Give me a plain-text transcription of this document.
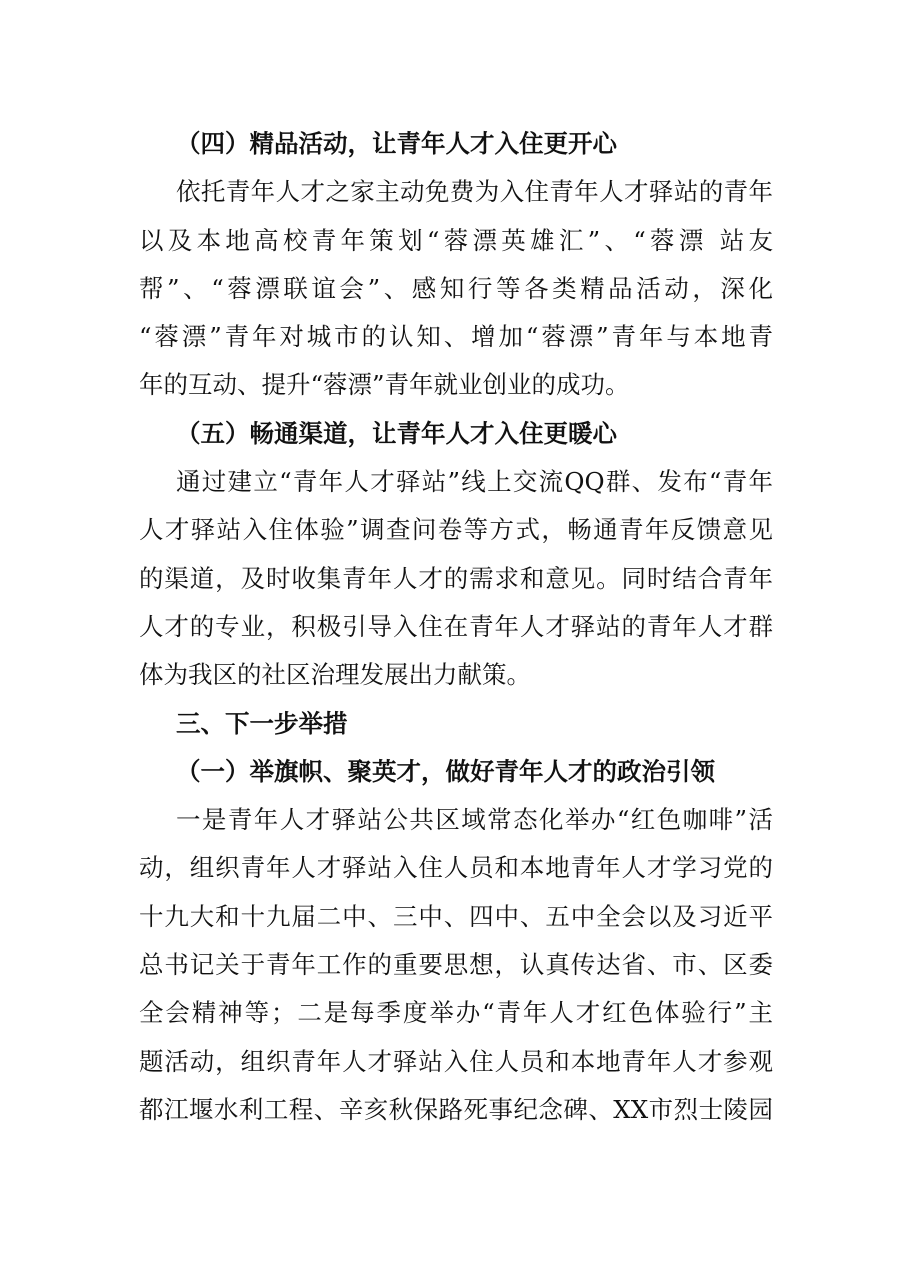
（四）精品活动，让青年人才入住更开心
依托青年人才之家主动免费为入住青年人才驿站的青年
以及本地高校青年策划“蓉漂英雄汇”、“蓉漂 站友
帮”、“蓉漂联谊会”、感知行等各类精品活动，深化
“蓉漂”青年对城市的认知、增加“蓉漂”青年与本地青
年的互动、提升“蓉漂”青年就业创业的成功。
（五）畅通渠道，让青年人才入住更暖心
通过建立“青年人才驿站”线上交流QQ群、发布“青年
人才驿站入住体验”调查问卷等方式，畅通青年反馈意见
的渠道，及时收集青年人才的需求和意见。同时结合青年
人才的专业，积极引导入住在青年人才驿站的青年人才群
体为我区的社区治理发展出力献策。
三、下一步举措
（一）举旗帜、聚英才，做好青年人才的政治引领
一是青年人才驿站公共区域常态化举办“红色咖啡”活
动，组织青年人才驿站入住人员和本地青年人才学习党的
十九大和十九届二中、三中、四中、五中全会以及习近平
总书记关于青年工作的重要思想，认真传达省、市、区委
全会精神等；二是每季度举办“青年人才红色体验行”主
题活动，组织青年人才驿站入住人员和本地青年人才参观
都江堰水利工程、辛亥秋保路死事纪念碑、XX市烈士陵园
